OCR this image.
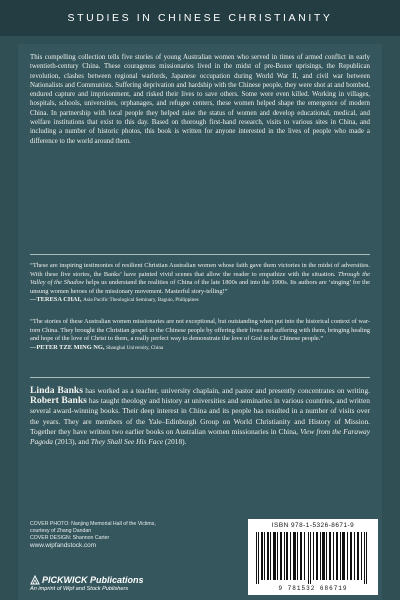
STUDIES IN CHINESE CHRISTIANITY

This compelling collection tells five stories of young Australian women who served in times of armed conflict in early twentieth-century China. These courageous missionaries lived in the midst of pre-Boxer uprisings, the Republican revolution, clashes between regional warlords, Japanese occupation during World War II, and civil war between Nationalists and Communists. Suffering deprivation and hardship with the Chinese people, they were shot at and bombed, endured capture and imprisonment, and risked their lives to save others. Some were even killed. Working in villages, hospitals, schools, universities, orphanages, and refugee centers, these women helped shape the emergence of modern China. In partnership with local people they helped raise the status of women and develop educational, medical, and welfare institutions that exist to this day. Based on thorough first-hand research, visits to various sites in China, and including a number of historic photos, this book is written for anyone interested in the lives of people who made a difference to the world around them.

“These are inspiring testimonies of resilient Christian Australian women whose faith gave them victories in the midst of adversities. With these five stories, the Banks’ have painted vivid scenes that allow the reader to empathize with the situation. Through the Valley of the Shadow helps us understand the realities of China of the late 1800s and into the 1900s. Its authors are ‘singing’ for the unsung women heroes of the missionary movement. Masterful story-telling!”

—TERESA CHAI, Asia Pacific Theological Seminary, Baguio, Philippines

“The stories of these Australian women missionaries are not exceptional, but outstanding when put into the historical context of war-torn China. They brought the Christian gospel to the Chinese people by offering their lives and suffering with them, bringing healing and hope of the love of Christ to them, a really perfect way to demonstrate the love of God to the Chinese people.”

—PETER TZE MING NG, Shanghai University, China

Linda Banks has worked as a teacher, university chaplain, and pastor and presently concentrates on writing. Robert Banks has taught theology and history at universities and seminaries in various countries, and written several award-winning books. Their deep interest in China and its people has resulted in a number of visits over the years. They are members of the Yale–Edinburgh Group on World Christianity and History of Mission. Together they have written two earlier books on Australian women missionaries in China, View from the Faraway Pagoda (2013), and They Shall See His Face (2018).

COVER PHOTO: Nanjing Memorial Hall of the Victims,
courtesy of Zhang Dandan
COVER DESIGN: Shannon Carter
www.wipfandstock.com
PICKWICK Publications
An imprint of Wipf and Stock Publishers
ISBN 978-1-5326-8671-9
9 781532 686719
